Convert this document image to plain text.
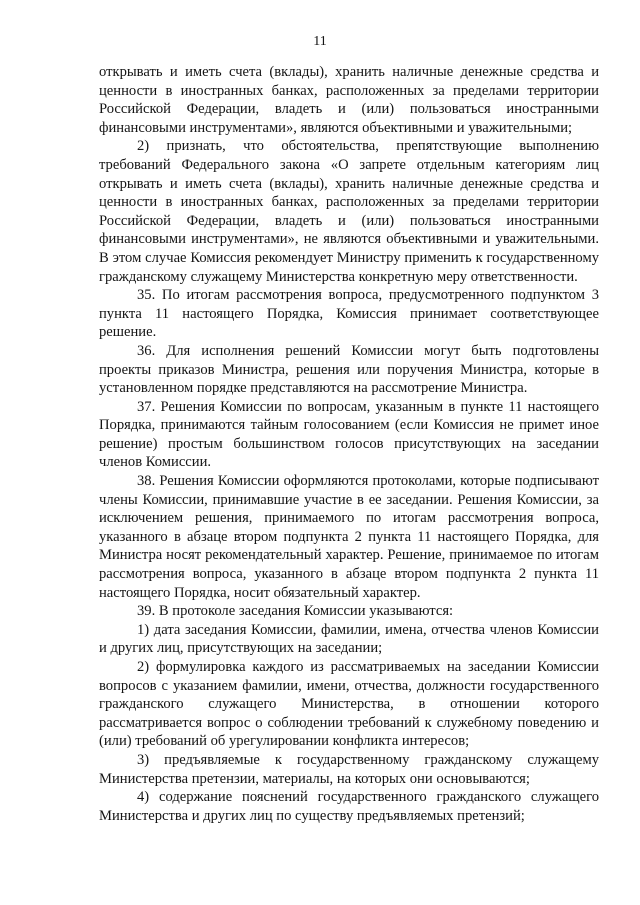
11

открывать и иметь счета (вклады), хранить наличные денежные средства и ценности в иностранных банках, расположенных за пределами территории Российской Федерации, владеть и (или) пользоваться иностранными финансовыми инструментами», являются объективными и уважительными;

2) признать, что обстоятельства, препятствующие выполнению требований Федерального закона «О запрете отдельным категориям лиц открывать и иметь счета (вклады), хранить наличные денежные средства и ценности в иностранных банках, расположенных за пределами территории Российской Федерации, владеть и (или) пользоваться иностранными финансовыми инструментами», не являются объективными и уважительными. В этом случае Комиссия рекомендует Министру применить к государственному гражданскому служащему Министерства конкретную меру ответственности.

35. По итогам рассмотрения вопроса, предусмотренного подпунктом 3 пункта 11 настоящего Порядка, Комиссия принимает соответствующее решение.

36. Для исполнения решений Комиссии могут быть подготовлены проекты приказов Министра, решения или поручения Министра, которые в установленном порядке представляются на рассмотрение Министра.

37. Решения Комиссии по вопросам, указанным в пункте 11 настоящего Порядка, принимаются тайным голосованием (если Комиссия не примет иное решение) простым большинством голосов присутствующих на заседании членов Комиссии.

38. Решения Комиссии оформляются протоколами, которые подписывают члены Комиссии, принимавшие участие в ее заседании. Решения Комиссии, за исключением решения, принимаемого по итогам рассмотрения вопроса, указанного в абзаце втором подпункта 2 пункта 11 настоящего Порядка, для Министра носят рекомендательный характер. Решение, принимаемое по итогам рассмотрения вопроса, указанного в абзаце втором подпункта 2 пункта 11 настоящего Порядка, носит обязательный характер.

39. В протоколе заседания Комиссии указываются:

1) дата заседания Комиссии, фамилии, имена, отчества членов Комиссии и других лиц, присутствующих на заседании;

2) формулировка каждого из рассматриваемых на заседании Комиссии вопросов с указанием фамилии, имени, отчества, должности государственного гражданского служащего Министерства, в отношении которого рассматривается вопрос о соблюдении требований к служебному поведению и (или) требований об урегулировании конфликта интересов;

3) предъявляемые к государственному гражданскому служащему Министерства претензии, материалы, на которых они основываются;

4) содержание пояснений государственного гражданского служащего Министерства и других лиц по существу предъявляемых претензий;
